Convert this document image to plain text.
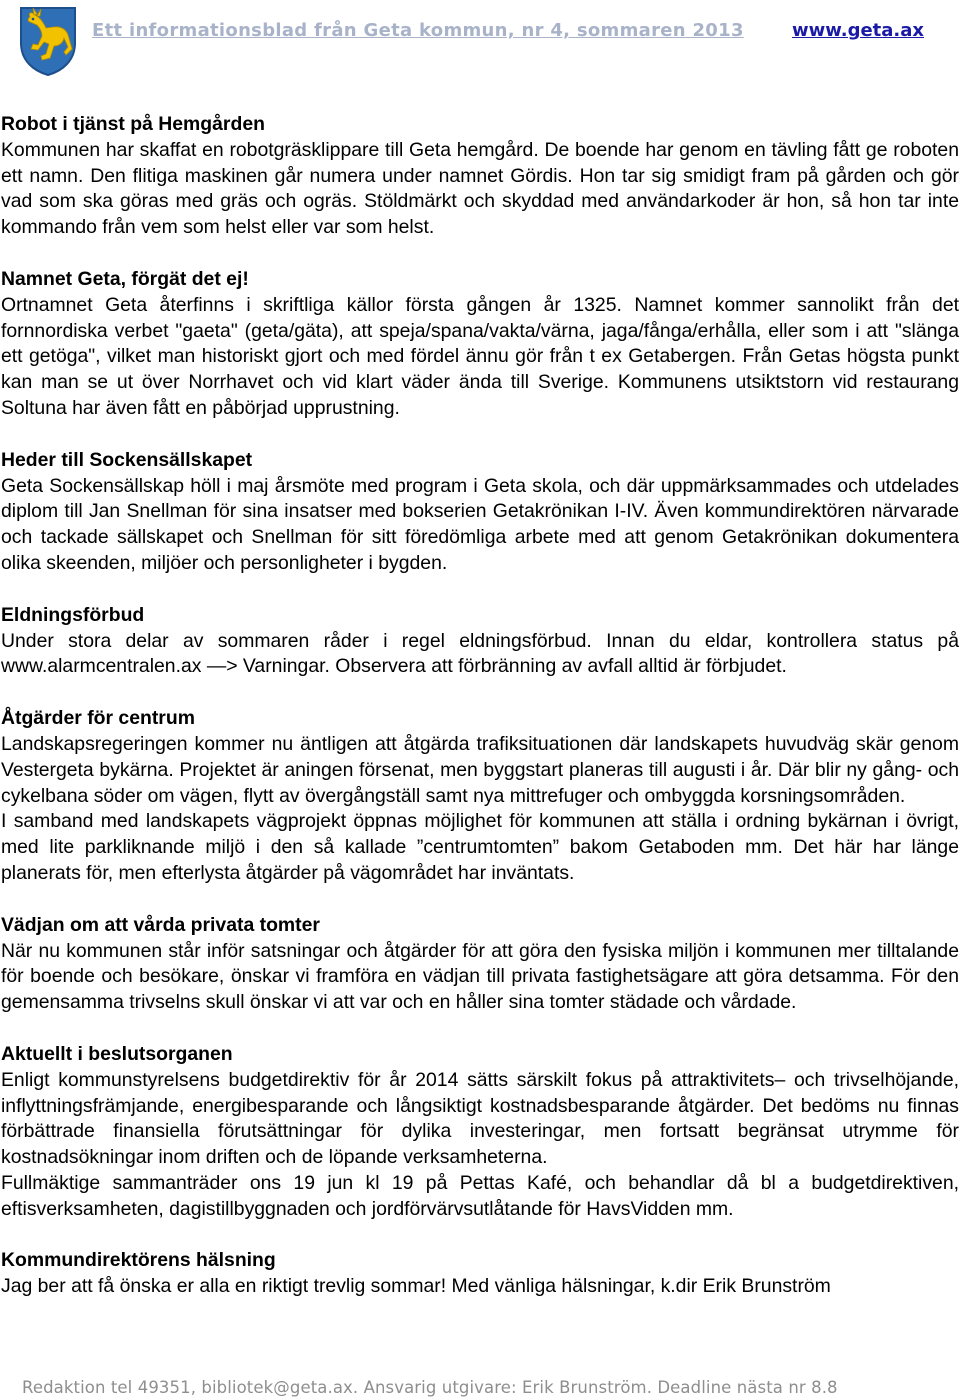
Ett informationsblad från Geta kommun, nr 4, sommaren 2013	www.geta.ax
Robot i tjänst på Hemgården

Kommunen har skaffat en robotgräsklippare till Geta hemgård. De boende har genom en tävling fått ge roboten ett namn. Den flitiga maskinen går numera under namnet Gördis. Hon tar sig smidigt fram på gården och gör vad som ska göras med gräs och ogräs. Stöldmärkt och skyddad med användarkoder är hon, så hon tar inte kommando från vem som helst eller var som helst.

Namnet Geta, förgät det ej!

Ortnamnet Geta återfinns i skriftliga källor första gången år 1325. Namnet kommer sannolikt från det fornnordiska verbet "gaeta" (geta/gäta), att speja/spana/vakta/värna, jaga/fånga/erhålla, eller som i att "slänga ett getöga", vilket man historiskt gjort och med fördel ännu gör från t ex Getabergen. Från Getas högsta punkt kan man se ut över Norrhavet och vid klart väder ända till Sverige. Kommunens utsiktstorn vid restaurang Soltuna har även fått en påbörjad upprustning.

Heder till Sockensällskapet

Geta Sockensällskap höll i maj årsmöte med program i Geta skola, och där uppmärksammades och utdelades diplom till Jan Snellman för sina insatser med bokserien Getakrönikan I-IV. Även kommundirektören närvarade och tackade sällskapet och Snellman för sitt föredömliga arbete med att genom Getakrönikan dokumentera olika skeenden, miljöer och personligheter i bygden.

Eldningsförbud

Under stora delar av sommaren råder i regel eldningsförbud. Innan du eldar, kontrollera status på www.alarmcentralen.ax —> Varningar. Observera att förbränning av avfall alltid är förbjudet.

Åtgärder för centrum

Landskapsregeringen kommer nu äntligen att åtgärda trafiksituationen där landskapets huvudväg skär genom Vestergeta bykärna. Projektet är aningen försenat, men byggstart planeras till augusti i år. Där blir ny gång- och cykelbana söder om vägen, flytt av övergångställ samt nya mittrefuger och ombyggda korsningsområden.

I samband med landskapets vägprojekt öppnas möjlighet för kommunen att ställa i ordning bykärnan i övrigt, med lite parkliknande miljö i den så kallade ”centrumtomten” bakom Getaboden mm. Det här har länge planerats för, men efterlysta åtgärder på vägområdet har inväntats.

Vädjan om att vårda privata tomter

När nu kommunen står inför satsningar och åtgärder för att göra den fysiska miljön i kommunen mer tilltalande för boende och besökare, önskar vi framföra en vädjan till privata fastighetsägare att göra detsamma. För den gemensamma trivselns skull önskar vi att var och en håller sina tomter städade och vårdade.

Aktuellt i beslutsorganen

Enligt kommunstyrelsens budgetdirektiv för år 2014 sätts särskilt fokus på attraktivitets– och trivselhöjande, inflyttningsfrämjande, energibesparande och långsiktigt kostnadsbesparande åtgärder. Det bedöms nu finnas förbättrade finansiella förutsättningar för dylika investeringar, men fortsatt begränsat utrymme för kostnadsökningar inom driften och de löpande verksamheterna.

Fullmäktige sammanträder ons 19 jun kl 19 på Pettas Kafé, och behandlar då bl a budgetdirektiven, eftisverksamheten, dagistillbyggnaden och jordförvärvsutlåtande för HavsVidden mm.

Kommundirektörens hälsning

Jag ber att få önska er alla en riktigt trevlig sommar! Med vänliga hälsningar, k.dir Erik Brunström

Redaktion tel 49351, bibliotek@geta.ax. Ansvarig utgivare: Erik Brunström. Deadline nästa nr 8.8
